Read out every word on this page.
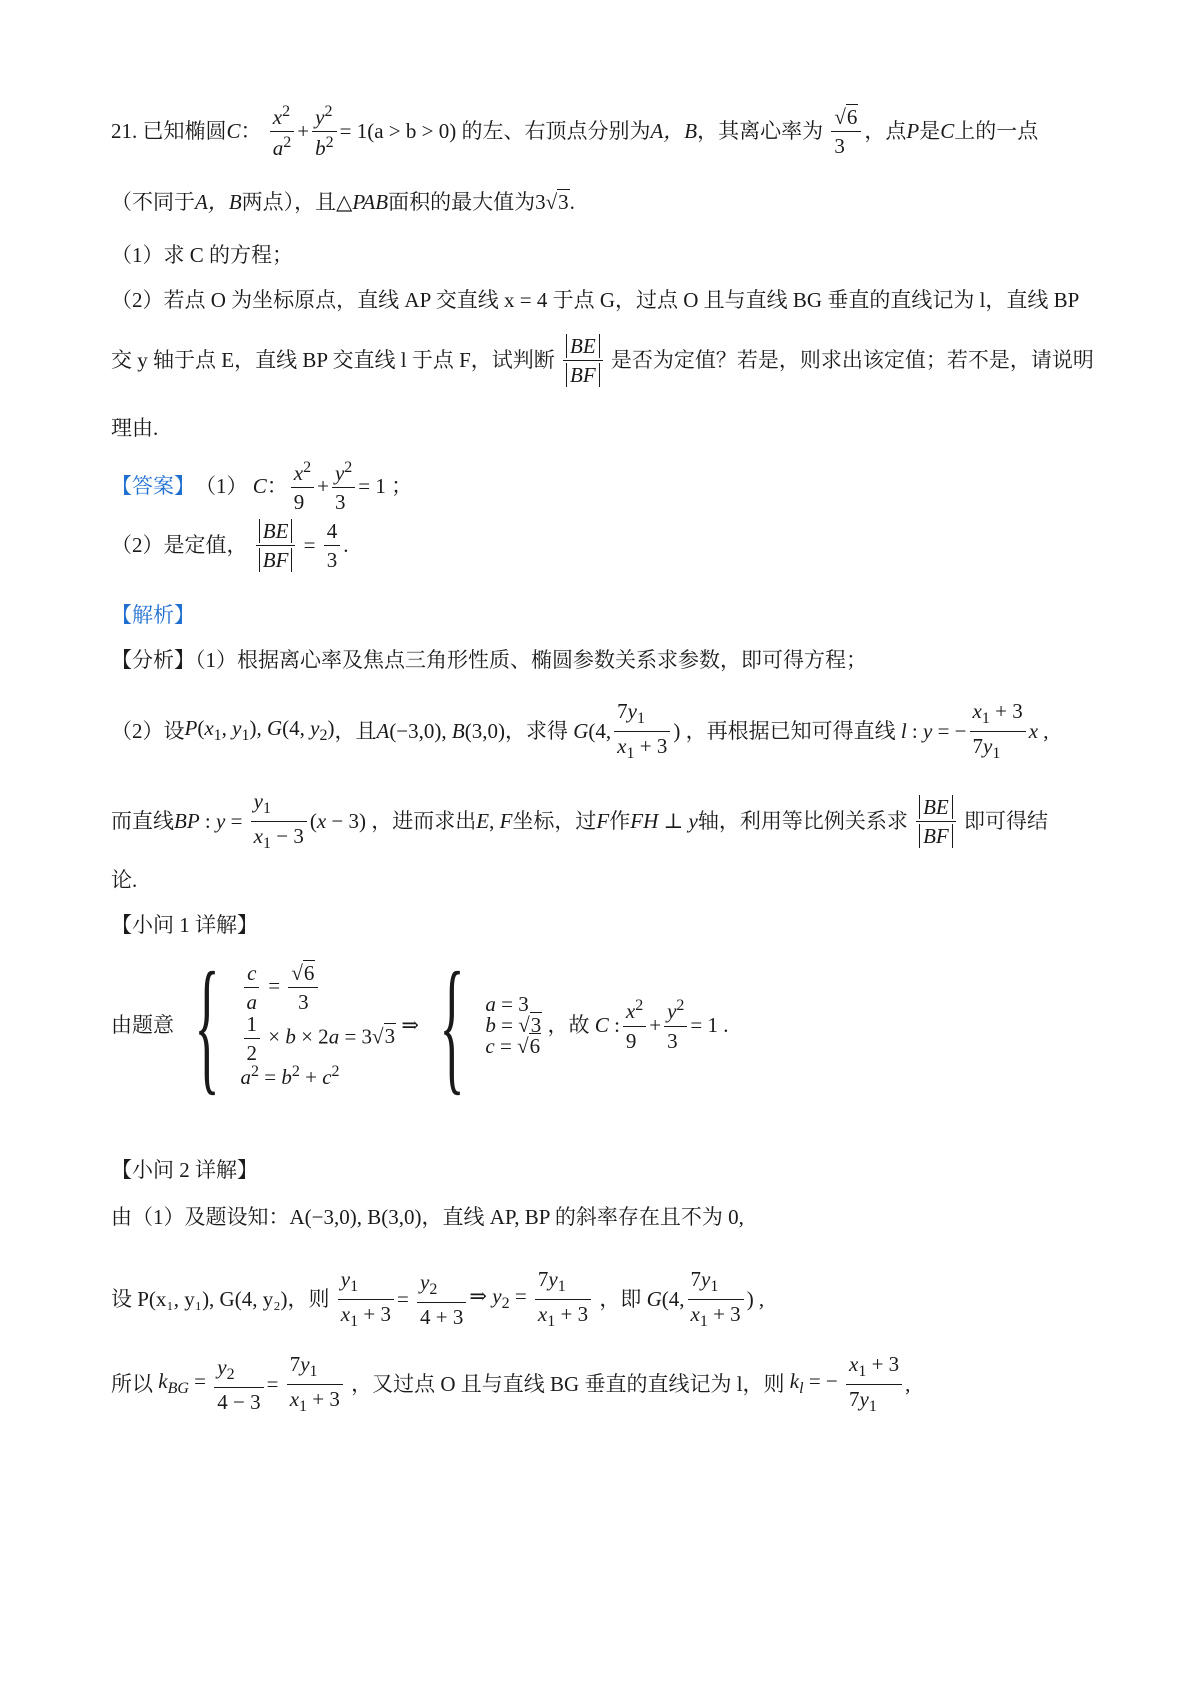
21. 已知椭圆C： $\frac{x^2}{a^2} + \frac{y^2}{b^2} = 1(a > b > 0)$ 的左、右顶点分别为A，B，其离心率为 $\frac{√6}{3}$ ，点P是C上的一点
（不同于A，B两点），且△PAB面积的最大值为3√3.
（1）求 C 的方程；
（2）若点 O 为坐标原点，直线 AP 交直线 x = 4 于点 G，过点 O 且与直线 BG 垂直的直线记为 l，直线 BP
交 y 轴于点 E，直线 BP 交直线 l 于点 F，试判断 $\frac{BE}{BF}$ 是否为定值？若是，则求出该定值；若不是，请说明
理由.
【答案】（1） C： $\frac{x^2}{9} + \frac{y^2}{3} = 1$ ；
（2）是定值， $\frac{BE}{BF} = \frac{4}{3}$ .
【解析】
【分析】（1）根据离心率及焦点三角形性质、椭圆参数关系求参数，即可得方程；
（2）设$P(x_1$, $y_1$), G(4, $y_2$)，且A(−3,0), B(3,0)，求得 G(4, $\frac{7y_1}{x_1 + 3}$ ) ，再根据已知可得直线 l : y = − $\frac{x_1 + 3}{7y_1}$ x ,
而直线BP : $y = \frac{y_1}{x_1 - 3} (x - 3)$ ，进而求出E, F坐标，过F作FH ⊥ y轴，利用等比例关系求 $\frac{BE}{BF}$ 即可得结
论.
【小问 1 详解】
由题意 { $\frac{c}{a} = \frac{√6}{3}$
$\frac{1}{2} \times b \times 2a = 3√3$
$a^2 = b^2 + c^2$
⇒ { a = 3
b = √3
c = √6
，故 C : $\frac{x^2}{9} + \frac{y^2}{3} = 1$ .
【小问 2 详解】
由（1）及题设知：A(−3,0), B(3,0)，直线 AP, BP 的斜率存在且不为 0,
设 P(x₁, y₁), G(4, y₂)，则 $\frac{y_1}{x_1 + 3} = \frac{y_2}{4 + 3}$ ⇒ $y_2 = \frac{7y_1}{x_1 + 3}$ ，即 G(4, $\frac{7y_1}{x_1 + 3}$ ) ,
所以 $k_{BG} = \frac{y_2}{4 - 3} = \frac{7y_1}{x_1 + 3}$ ，又过点 O 且与直线 BG 垂直的直线记为 l，则 $k_l$ = − $\frac{x_1 + 3}{7y_1}$ ,
